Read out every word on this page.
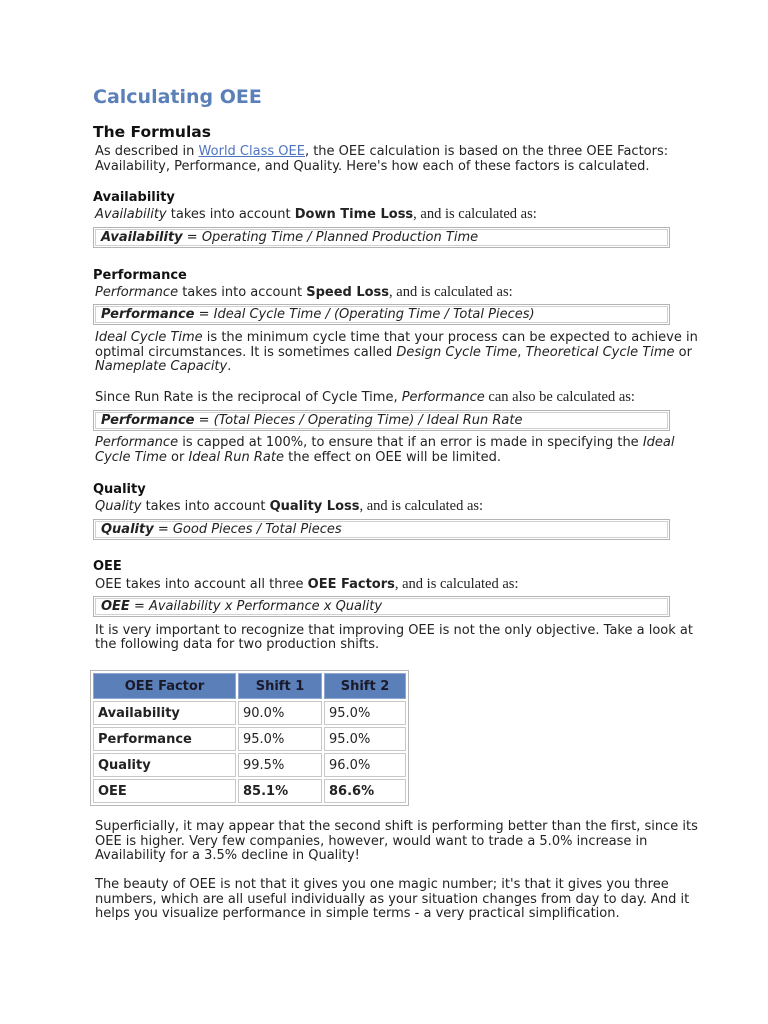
Calculating OEE
The Formulas
As described in World Class OEE, the OEE calculation is based on the three OEE Factors:
Availability, Performance, and Quality. Here's how each of these factors is calculated.
Availability
Availability takes into account Down Time Loss, and is calculated as:
Availability = Operating Time / Planned Production Time
Performance
Performance takes into account Speed Loss, and is calculated as:
Performance = Ideal Cycle Time / (Operating Time / Total Pieces)
Ideal Cycle Time is the minimum cycle time that your process can be expected to achieve in
optimal circumstances. It is sometimes called Design Cycle Time, Theoretical Cycle Time or
Nameplate Capacity.
Since Run Rate is the reciprocal of Cycle Time, Performance can also be calculated as:
Performance = (Total Pieces / Operating Time) / Ideal Run Rate
Performance is capped at 100%, to ensure that if an error is made in specifying the Ideal
Cycle Time or Ideal Run Rate the effect on OEE will be limited.
Quality
Quality takes into account Quality Loss, and is calculated as:
Quality = Good Pieces / Total Pieces
OEE
OEE takes into account all three OEE Factors, and is calculated as:
OEE = Availability x Performance x Quality
It is very important to recognize that improving OEE is not the only objective. Take a look at
the following data for two production shifts.
OEE Factor	Shift 1	Shift 2
Availability	90.0%	95.0%
Performance	95.0%	95.0%
Quality	99.5%	96.0%
OEE	85.1%	86.6%
Superficially, it may appear that the second shift is performing better than the first, since its
OEE is higher. Very few companies, however, would want to trade a 5.0% increase in
Availability for a 3.5% decline in Quality!
The beauty of OEE is not that it gives you one magic number; it's that it gives you three
numbers, which are all useful individually as your situation changes from day to day. And it
helps you visualize performance in simple terms - a very practical simplification.
